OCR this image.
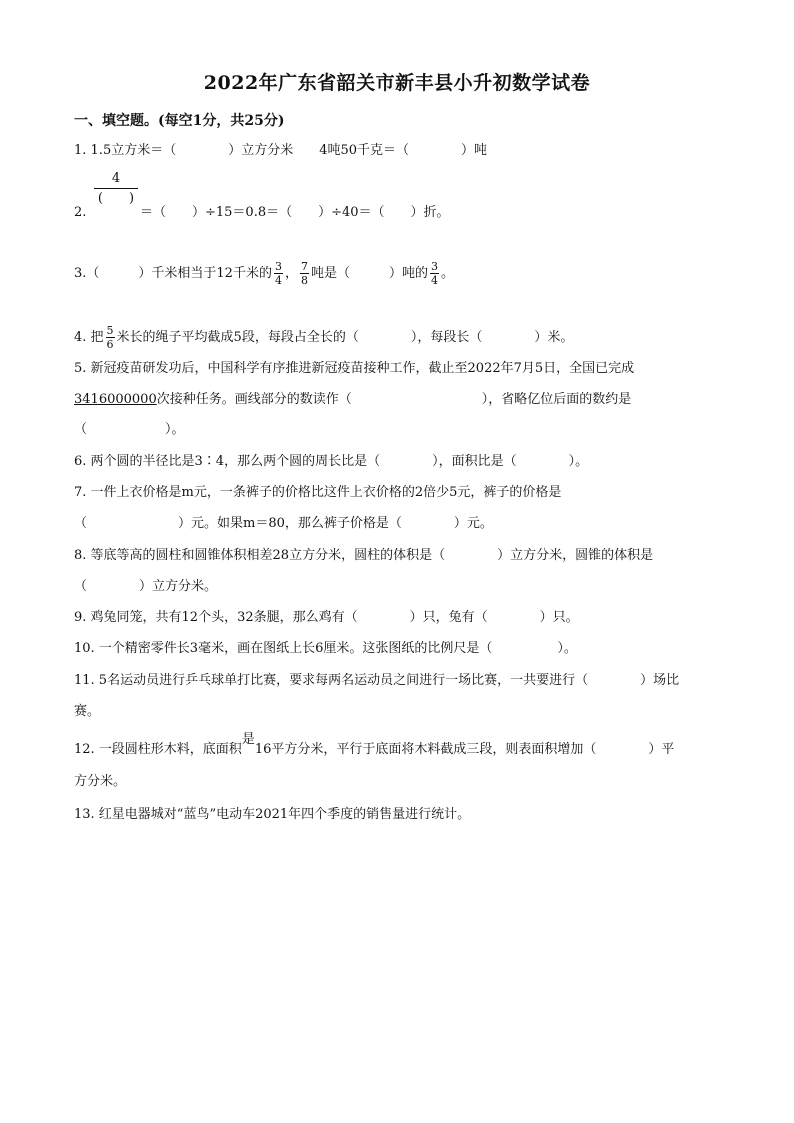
2022年广东省韶关市新丰县小升初数学试卷
一、填空题。(每空1分，共25分)
1. 1.5立方米＝（　　　　）立方分米　　4吨50千克＝（　　　　）吨
2.
4
(　　)
＝（　　）÷15＝0.8＝（　　）÷40＝（　　）折。
3.（　　　）千米相当于12千米的 $\frac{3}{4}$ ， $\frac{7}{8}$ 吨是（　　　）吨的 $\frac{3}{4}$ 。
4. 把 $\frac{5}{6}$ 米长的绳子平均截成5段，每段占全长的（　　　　），每段长（　　　　）米。
5. 新冠疫苗研发功后，中国科学有序推进新冠疫苗接种工作，截止至2022年7月5日，全国已完成
3416000000次接种任务。画线部分的数读作（　　　　　　　　　　），省略亿位后面的数约是
（　　　　　　）。
6. 两个圆的半径比是3∶4，那么两个圆的周长比是（　　　　），面积比是（　　　　）。
7. 一件上衣价格是m元，一条裤子的价格比这件上衣价格的2倍少5元，裤子的价格是
（　　　　　　　）元。如果m＝80，那么裤子价格是（　　　　）元。
8. 等底等高的圆柱和圆锥体积相差28立方分米，圆柱的体积是（　　　　）立方分米，圆锥的体积是
（　　　　）立方分米。
9. 鸡兔同笼，共有12个头，32条腿，那么鸡有（　　　　）只，兔有（　　　　）只。
10. 一个精密零件长3毫米，画在图纸上长6厘米。这张图纸的比例尺是（　　　　　）。
11. 5名运动员进行乒乓球单打比赛，要求每两名运动员之间进行一场比赛，一共要进行（　　　　）场比
赛。
12. 一段圆柱形木料，底面积是16平方分米，平行于底面将木料截成三段，则表面积增加（　　　　）平
方分米。
13. 红星电器城对“蓝鸟”电动车2021年四个季度的销售量进行统计。
